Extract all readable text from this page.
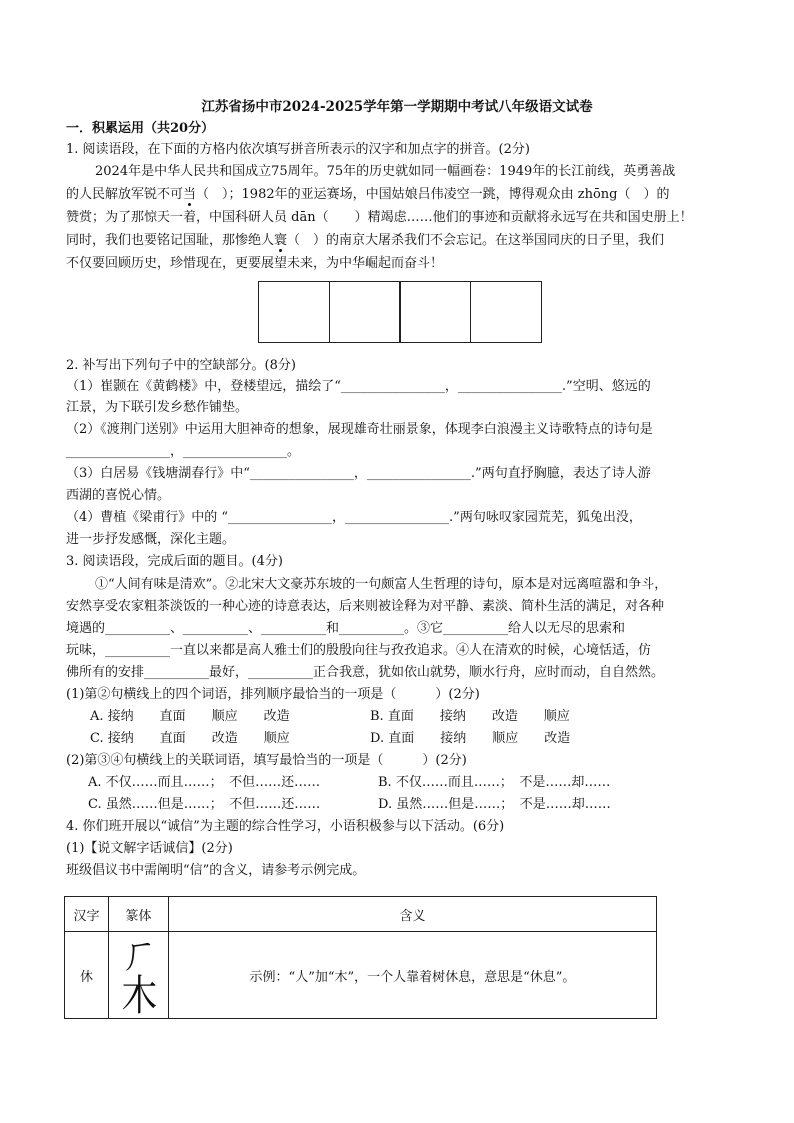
江苏省扬中市2024-2025学年第一学期期中考试八年级语文试卷
一．积累运用（共20分）
1. 阅读语段，在下面的方格内依次填写拼音所表示的汉字和加点字的拼音。(2分)
2024年是中华人民共和国成立75周年。75年的历史就如同一幅画卷：1949年的长江前线，英勇善战
的人民解放军锐不可当（　）；1982年的亚运赛场，中国姑娘吕伟凌空一跳，博得观众由 zhōng（　）的
赞赏；为了那惊天一着，中国科研人员 dān（　　）精竭虑……他们的事迹和贡献将永远写在共和国史册上！
同时，我们也要铭记国耻，那惨绝人寰（　）的南京大屠杀我们不会忘记。在这举国同庆的日子里，我们
不仅要回顾历史，珍惜现在，更要展望未来，为中华崛起而奋斗！
2. 补写出下列句子中的空缺部分。(8分)
（1）崔颢在《黄鹤楼》中，登楼望远，描绘了“________________，________________.”空明、悠远的
江景，为下联引发乡愁作铺垫。
（2）《渡荆门送别》中运用大胆神奇的想象，展现雄奇壮丽景象，体现李白浪漫主义诗歌特点的诗句是
________________，________________。
（3）白居易《钱塘湖春行》中“________________，________________.”两句直抒胸臆，表达了诗人游
西湖的喜悦心情。
（4）曹植《梁甫行》中的 “________________，________________.”两句咏叹家园荒芜，狐兔出没，
进一步抒发感慨，深化主题。
3. 阅读语段，完成后面的题目。(4分)
①“人间有味是清欢”。②北宋大文豪苏东坡的一句颇富人生哲理的诗句，原本是对远离喧嚣和争斗，
安然享受农家粗茶淡饭的一种心迹的诗意表达，后来则被诠释为对平静、素淡、简朴生活的满足，对各种
境遇的__________、__________、__________和__________。③它__________给人以无尽的思索和
玩味，__________一直以来都是高人雅士们的殷殷向往与孜孜追求。④人在清欢的时候，心境恬适，仿
佛所有的安排__________最好，__________正合我意，犹如依山就势，顺水行舟，应时而动，自自然然。
(1)第②句横线上的四个词语，排列顺序最恰当的一项是（　　　）(2分)
A. 接纳　　直面　　顺应　　改造	B. 直面　　接纳　　改造　　顺应
C. 接纳　　直面　　改造　　顺应	D. 直面　　接纳　　顺应　　改造
(2)第③④句横线上的关联词语，填写最恰当的一项是（　　　）(2分)
A. 不仅……而且……；　不但……还……	B. 不仅……而且……；　不是……却……
C. 虽然……但是……；　不但……还……	D. 虽然……但是……；　不是……却……
4. 你们班开展以“诚信”为主题的综合性学习，小语积极参与以下活动。(6分)
(1)【说文解字话诚信】(2分)
班级倡议书中需阐明“信”的含义，请参考示例完成。
汉字	篆体	含义
休	ㄏ木	示例：“人”加“木”，一个人靠着树休息，意思是“休息”。
